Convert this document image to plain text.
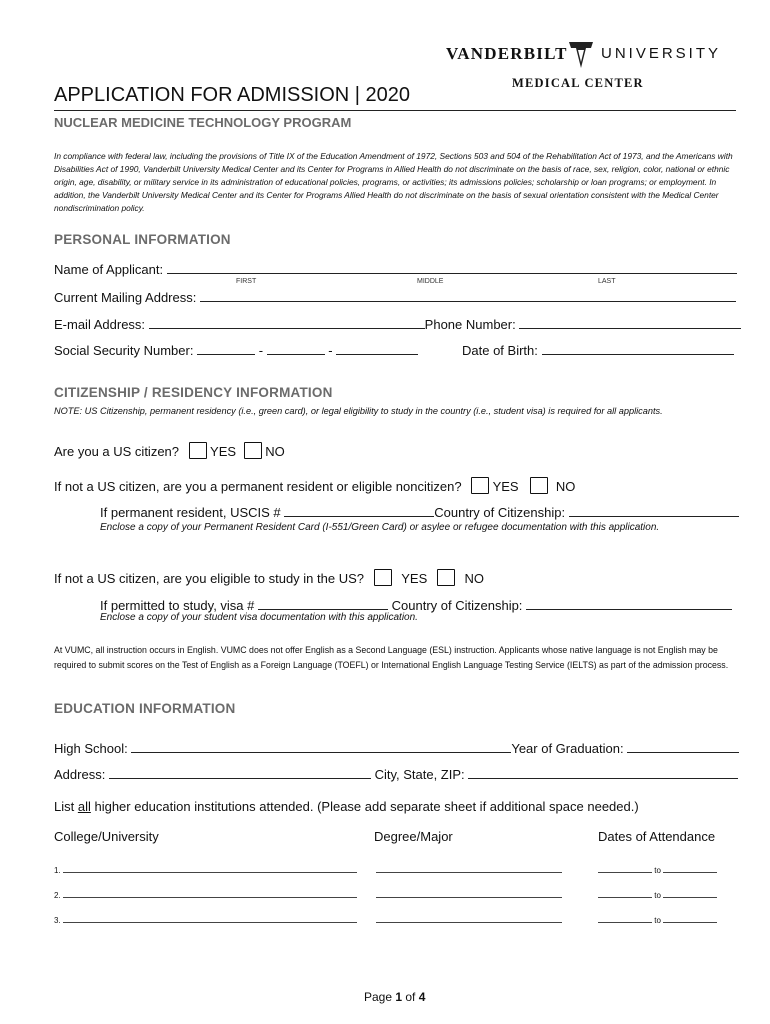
VANDERBILT UNIVERSITY
MEDICAL CENTER
APPLICATION FOR ADMISSION | 2020
NUCLEAR MEDICINE TECHNOLOGY PROGRAM
In compliance with federal law, including the provisions of Title IX of the Education Amendment of 1972, Sections 503 and 504 of the Rehabilitation Act of 1973, and the Americans with Disabilities Act of 1990, Vanderbilt University Medical Center and its Center for Programs in Allied Health do not discriminate on the basis of race, sex, religion, color, national or ethnic origin, age, disability, or military service in its administration of educational policies, programs, or activities; its admissions policies; scholarship or loan programs; or employment. In addition, the Vanderbilt University Medical Center and its Center for Programs Allied Health do not discriminate on the basis of sexual orientation consistent with the Medical Center nondiscrimination policy.
PERSONAL INFORMATION
Name of Applicant:
FIRST	MIDDLE	LAST
Current Mailing Address:
E-mail Address:	Phone Number:
Social Security Number:	-	-	Date of Birth:
CITIZENSHIP / RESIDENCY INFORMATION
NOTE: US Citizenship, permanent residency (i.e., green card), or legal eligibility to study in the country (i.e., student visa) is required for all applicants.
Are you a US citizen? YES NO
If not a US citizen, are you a permanent resident or eligible noncitizen? YES	NO
If permanent resident, USCIS #	Country of Citizenship:
Enclose a copy of your Permanent Resident Card (I-551/Green Card) or asylee or refugee documentation with this application.
If not a US citizen, are you eligible to study in the US?	YES	NO
If permitted to study, visa #	Country of Citizenship:
Enclose a copy of your student visa documentation with this application.
At VUMC, all instruction occurs in English. VUMC does not offer English as a Second Language (ESL) instruction. Applicants whose native language is not English may be required to submit scores on the Test of English as a Foreign Language (TOEFL) or International English Language Testing Service (IELTS) as part of the admission process.
EDUCATION INFORMATION
High School:	Year of Graduation:
Address:	City, State, ZIP:
List all higher education institutions attended. (Please add separate sheet if additional space needed.)
College/University	Degree/Major	Dates of Attendance
1.	to
2.	to
3.	to
Page 1 of 4
